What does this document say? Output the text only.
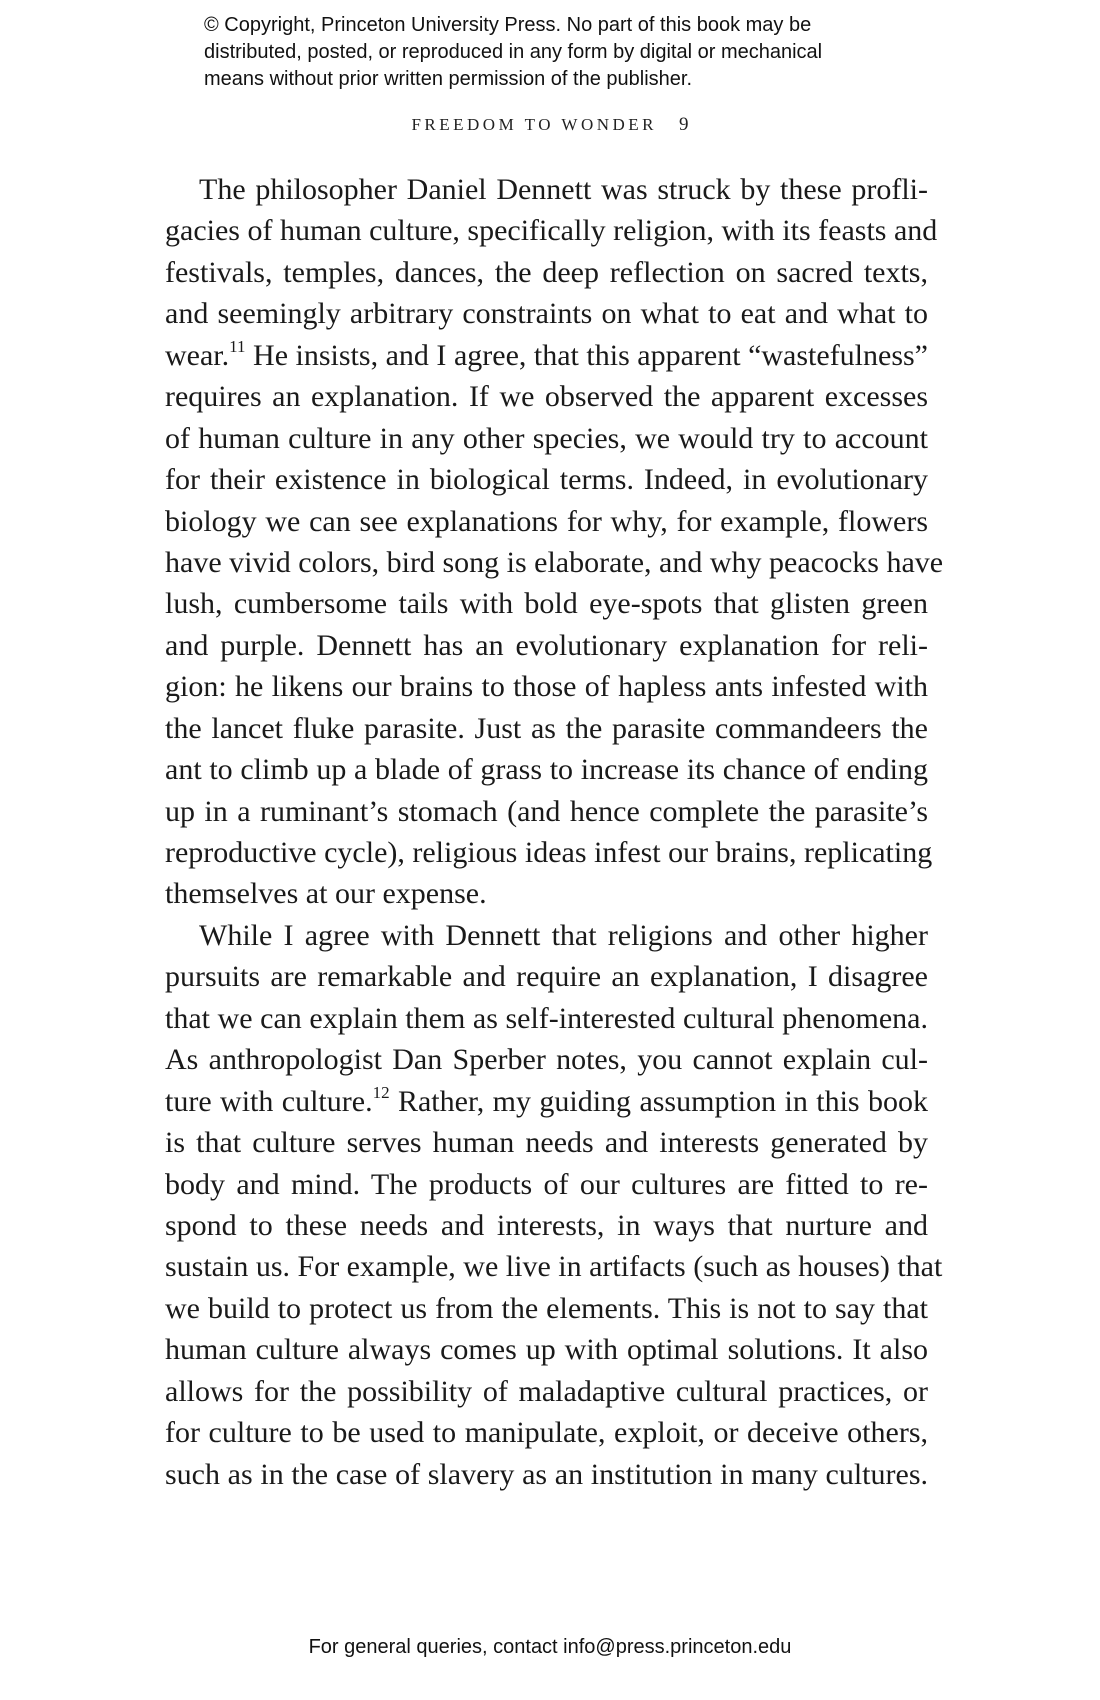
© Copyright, Princeton University Press. No part of this book may be
distributed, posted, or reproduced in any form by digital or mechanical
means without prior written permission of the publisher.
FREEDOM TO WONDER 9
The philosopher Daniel Dennett was struck by these profli-
gacies of human culture, specifically religion, with its feasts and
festivals, temples, dances, the deep reflection on sacred texts,
and seemingly arbitrary constraints on what to eat and what to
wear.$^{11}$ He insists, and I agree, that this apparent “wastefulness”
requires an explanation. If we observed the apparent excesses
of human culture in any other species, we would try to account
for their existence in biological terms. Indeed, in evolutionary
biology we can see explanations for why, for example, flowers
have vivid colors, bird song is elaborate, and why peacocks have
lush, cumbersome tails with bold eye-spots that glisten green
and purple. Dennett has an evolutionary explanation for reli-
gion: he likens our brains to those of hapless ants infested with
the lancet fluke parasite. Just as the parasite commandeers the
ant to climb up a blade of grass to increase its chance of ending
up in a ruminant’s stomach (and hence complete the parasite’s
reproductive cycle), religious ideas infest our brains, replicating
themselves at our expense.
While I agree with Dennett that religions and other higher
pursuits are remarkable and require an explanation, I disagree
that we can explain them as self-interested cultural phenomena.
As anthropologist Dan Sperber notes, you cannot explain cul-
ture with culture.$^{12}$ Rather, my guiding assumption in this book
is that culture serves human needs and interests generated by
body and mind. The products of our cultures are fitted to re-
spond to these needs and interests, in ways that nurture and
sustain us. For example, we live in artifacts (such as houses) that
we build to protect us from the elements. This is not to say that
human culture always comes up with optimal solutions. It also
allows for the possibility of maladaptive cultural practices, or
for culture to be used to manipulate, exploit, or deceive others,
such as in the case of slavery as an institution in many cultures.
For general queries, contact info@press.princeton.edu
